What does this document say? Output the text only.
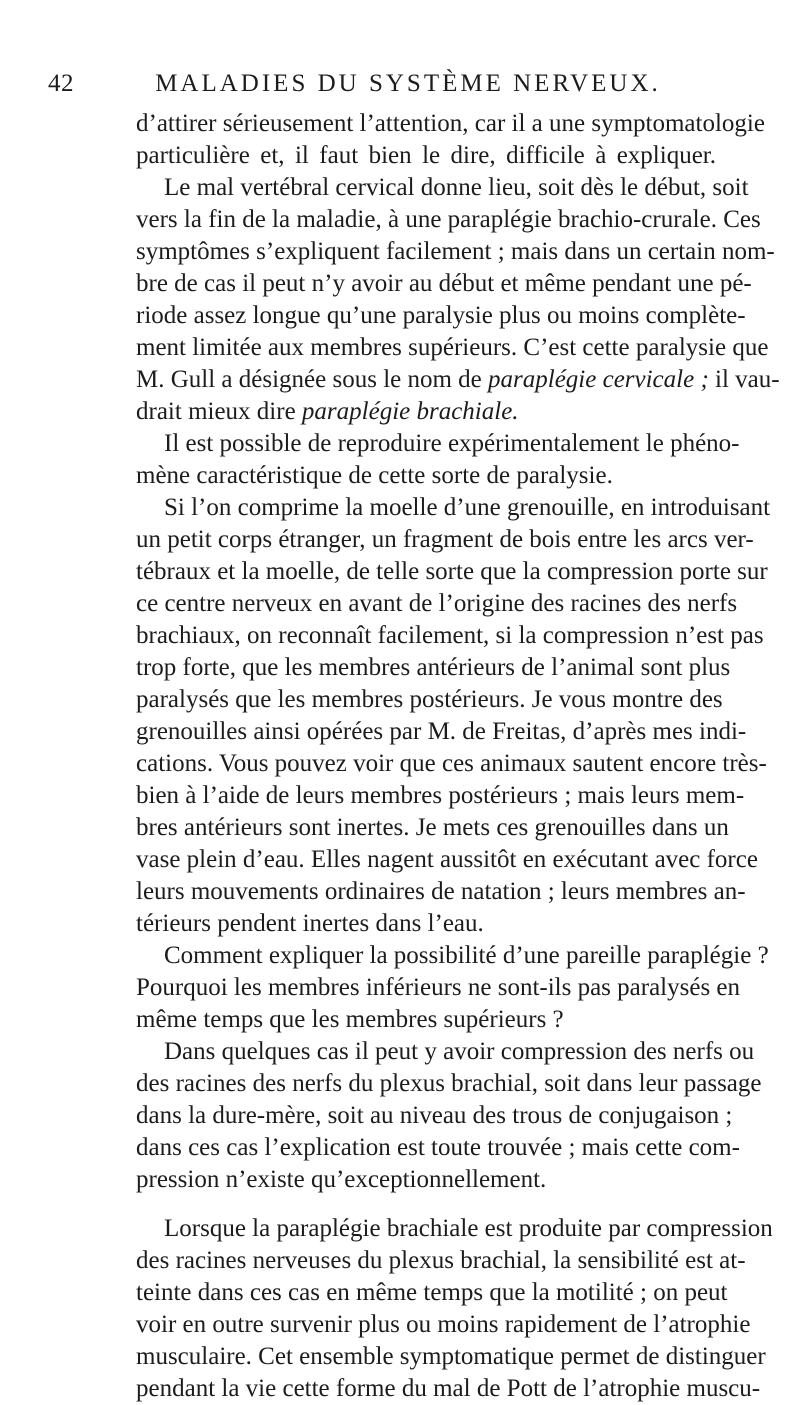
42	MALADIES DU SYSTÈME NERVEUX.
d’attirer sérieusement l’attention, car il a une symptomatologie
particulière et, il faut bien le dire, difficile à expliquer.
Le mal vertébral cervical donne lieu, soit dès le début, soit
vers la fin de la maladie, à une paraplégie brachio-crurale. Ces
symptômes s’expliquent facilement ; mais dans un certain nom-
bre de cas il peut n’y avoir au début et même pendant une pé-
riode assez longue qu’une paralysie plus ou moins complète-
ment limitée aux membres supérieurs. C’est cette paralysie que
M. Gull a désignée sous le nom de paraplégie cervicale ; il vau-
drait mieux dire paraplégie brachiale.
Il est possible de reproduire expérimentalement le phéno-
mène caractéristique de cette sorte de paralysie.
Si l’on comprime la moelle d’une grenouille, en introduisant
un petit corps étranger, un fragment de bois entre les arcs ver-
tébraux et la moelle, de telle sorte que la compression porte sur
ce centre nerveux en avant de l’origine des racines des nerfs
brachiaux, on reconnaît facilement, si la compression n’est pas
trop forte, que les membres antérieurs de l’animal sont plus
paralysés que les membres postérieurs. Je vous montre des
grenouilles ainsi opérées par M. de Freitas, d’après mes indi-
cations. Vous pouvez voir que ces animaux sautent encore très-
bien à l’aide de leurs membres postérieurs ; mais leurs mem-
bres antérieurs sont inertes. Je mets ces grenouilles dans un
vase plein d’eau. Elles nagent aussitôt en exécutant avec force
leurs mouvements ordinaires de natation ; leurs membres an-
térieurs pendent inertes dans l’eau.
Comment expliquer la possibilité d’une pareille paraplégie ?
Pourquoi les membres inférieurs ne sont-ils pas paralysés en
même temps que les membres supérieurs ?
Dans quelques cas il peut y avoir compression des nerfs ou
des racines des nerfs du plexus brachial, soit dans leur passage
dans la dure-mère, soit au niveau des trous de conjugaison ;
dans ces cas l’explication est toute trouvée ; mais cette com-
pression n’existe qu’exceptionnellement.
Lorsque la paraplégie brachiale est produite par compression
des racines nerveuses du plexus brachial, la sensibilité est at-
teinte dans ces cas en même temps que la motilité ; on peut
voir en outre survenir plus ou moins rapidement de l’atrophie
musculaire. Cet ensemble symptomatique permet de distinguer
pendant la vie cette forme du mal de Pott de l’atrophie muscu-
